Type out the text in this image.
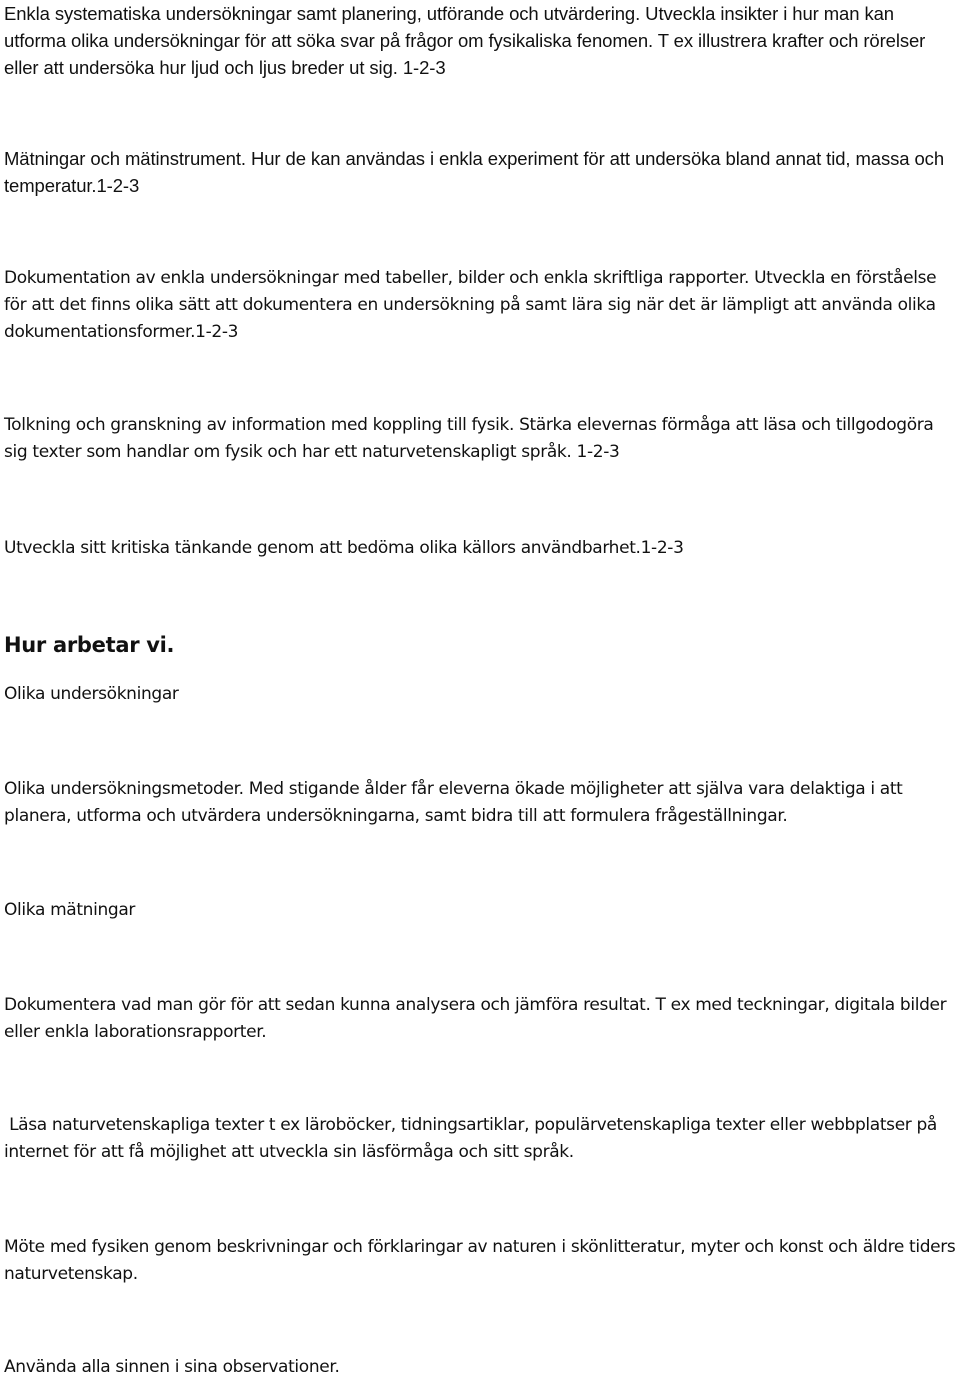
Enkla systematiska undersökningar samt planering, utförande och utvärdering. Utveckla insikter i hur man kan utforma olika undersökningar för att söka svar på frågor om fysikaliska fenomen. T ex illustrera krafter och rörelser eller att undersöka hur ljud och ljus breder ut sig. 1-2-3

Mätningar och mätinstrument. Hur de kan användas i enkla experiment för att undersöka bland annat tid, massa och temperatur.1-2-3

Dokumentation av enkla undersökningar med tabeller, bilder och enkla skriftliga rapporter. Utveckla en förståelse för att det finns olika sätt att dokumentera en undersökning på samt lära sig när det är lämpligt att använda olika dokumentationsformer.1-2-3

Tolkning och granskning av information med koppling till fysik. Stärka elevernas förmåga att läsa och tillgodogöra sig texter som handlar om fysik och har ett naturvetenskapligt språk. 1-2-3

Utveckla sitt kritiska tänkande genom att bedöma olika källors användbarhet.1-2-3

Hur arbetar vi.

Olika undersökningar

Olika undersökningsmetoder. Med stigande ålder får eleverna ökade möjligheter att själva vara delaktiga i att planera, utforma och utvärdera undersökningarna, samt bidra till att formulera frågeställningar.

Olika mätningar

Dokumentera vad man gör för att sedan kunna analysera och jämföra resultat. T ex med teckningar, digitala bilder eller enkla laborationsrapporter.

Läsa naturvetenskapliga texter t ex läroböcker, tidningsartiklar, populärvetenskapliga texter eller webbplatser på internet för att få möjlighet att utveckla sin läsförmåga och sitt språk.

Möte med fysiken genom beskrivningar och förklaringar av naturen i skönlitteratur, myter och konst och äldre tiders naturvetenskap.

Använda alla sinnen i sina observationer.
